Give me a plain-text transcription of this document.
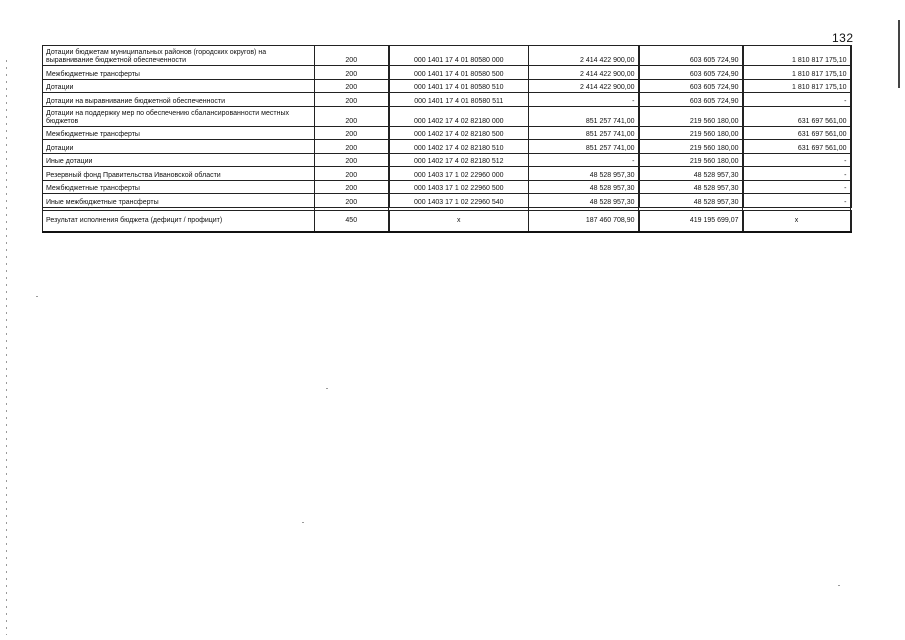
132
Дотации бюджетам муниципальных районов (городских округов) на выравнивание бюджетной обеспеченности	200	000 1401 17 4 01 80580 000	2 414 422 900,00	603 605 724,90	1 810 817 175,10
Межбюджетные трансферты	200	000 1401 17 4 01 80580 500	2 414 422 900,00	603 605 724,90	1 810 817 175,10
Дотации	200	000 1401 17 4 01 80580 510	2 414 422 900,00	603 605 724,90	1 810 817 175,10
Дотации на выравнивание бюджетной обеспеченности	200	000 1401 17 4 01 80580 511	-	603 605 724,90	-
Дотации на поддержку мер по обеспечению сбалансированности местных бюджетов	200	000 1402 17 4 02 82180 000	851 257 741,00	219 560 180,00	631 697 561,00
Межбюджетные трансферты	200	000 1402 17 4 02 82180 500	851 257 741,00	219 560 180,00	631 697 561,00
Дотации	200	000 1402 17 4 02 82180 510	851 257 741,00	219 560 180,00	631 697 561,00
Иные дотации	200	000 1402 17 4 02 82180 512	-	219 560 180,00	-
Резервный фонд Правительства Ивановской области	200	000 1403 17 1 02 22960 000	48 528 957,30	48 528 957,30	-
Межбюджетные трансферты	200	000 1403 17 1 02 22960 500	48 528 957,30	48 528 957,30	-
Иные межбюджетные трансферты	200	000 1403 17 1 02 22960 540	48 528 957,30	48 528 957,30	-

Результат исполнения бюджета (дефицит / профицит)	450	x	187 460 708,90	419 195 699,07	x
